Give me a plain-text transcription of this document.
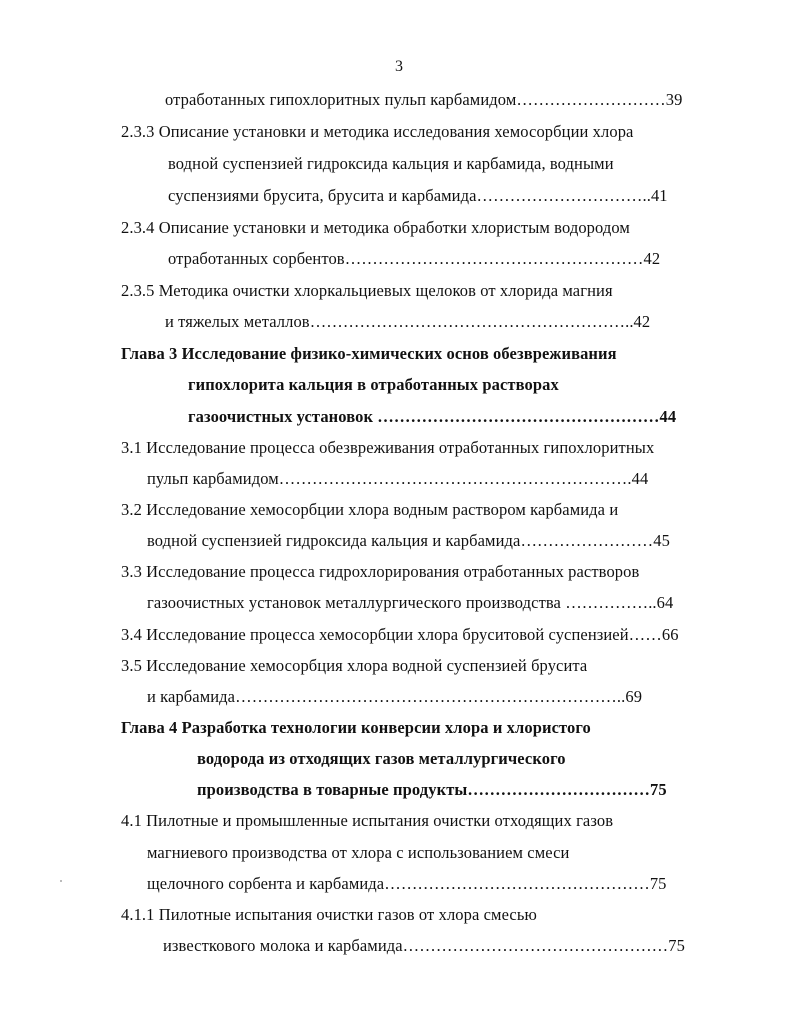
3
отработанных гипохлоритных пульп карбамидом………………………39
2.3.3 Описание установки и методика исследования хемосорбции хлора
водной суспензией гидроксида кальция и карбамида, водными
суспензиями брусита, брусита и карбамида…………………………..41
2.3.4 Описание установки и методика обработки хлористым водородом
отработанных сорбентов………………………………………………42
2.3.5 Методика очистки хлоркальциевых щелоков от хлорида магния
и тяжелых металлов…………………………………………………..42
Глава 3 Исследование физико-химических основ обезвреживания
гипохлорита кальция в отработанных растворах
газоочистных установок ……………………………………………44
3.1 Исследование процесса обезвреживания отработанных гипохлоритных
пульп карбамидом……………………………………………………….44
3.2 Исследование хемосорбции хлора водным раствором карбамида и
водной суспензией гидроксида кальция и карбамида……………………45
3.3 Исследование процесса гидрохлорирования отработанных растворов
газоочистных установок металлургического производства ……………..64
3.4 Исследование процесса хемосорбции хлора бруситовой суспензией……66
3.5 Исследование хемосорбция хлора водной суспензией брусита
и карбамида……………………………………………………………..69
Глава 4 Разработка технологии конверсии хлора и хлористого
водорода из отходящих газов металлургического
производства в товарные продукты……………………………75
4.1 Пилотные и промышленные испытания очистки отходящих газов
магниевого производства от хлора с использованием смеси
щелочного сорбента и карбамида…………………………………………75
4.1.1 Пилотные испытания очистки газов от хлора смесью
известкового молока и карбамида…………………………………………75
